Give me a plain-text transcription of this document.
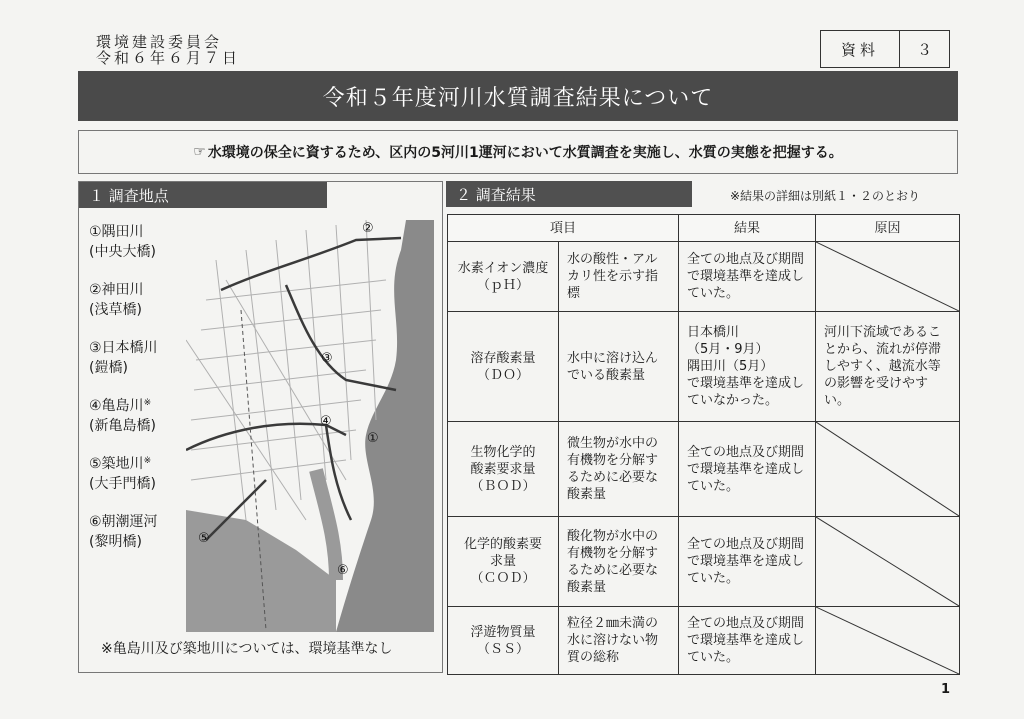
環境建設委員会
令和６年６月７日	資料	３
令和５年度河川水質調査結果について
☞ 水環境の保全に資するため、区内の5河川1運河において水質調査を実施し、水質の実態を把握する。
１ 調査地点
①隅田川
(中央大橋)
②神田川
(浅草橋)
③日本橋川
(鎧橋)
④亀島川※
(新亀島橋)
⑤築地川※
(大手門橋)
⑥朝潮運河
(黎明橋)
②
③
④
①
⑤
⑥
※亀島川及び築地川については、環境基準なし
２ 調査結果	※結果の詳細は別紙１・２のとおり
項目		結果	原因
水素イオン濃度
（ｐＨ）	水の酸性・アルカリ性を示す指標	全ての地点及び期間で環境基準を達成していた。	

溶存酸素量
（ＤＯ）	水中に溶け込んでいる酸素量	日本橋川
（5月・9月）
隅田川（5月）
で環境基準を達成していなかった。	河川下流域であることから、流れが停滞しやすく、越流水等の影響を受けやすい。
生物化学的
酸素要求量
（ＢＯＤ）	微生物が水中の有機物を分解するために必要な酸素量	全ての地点及び期間で環境基準を達成していた。	

化学的酸素要
求量
（ＣＯＤ）	酸化物が水中の有機物を分解するために必要な酸素量	全ての地点及び期間で環境基準を達成していた。	

浮遊物質量
（ＳＳ）	粒径２㎜未満の水に溶けない物質の総称	全ての地点及び期間で環境基準を達成していた。	
1
